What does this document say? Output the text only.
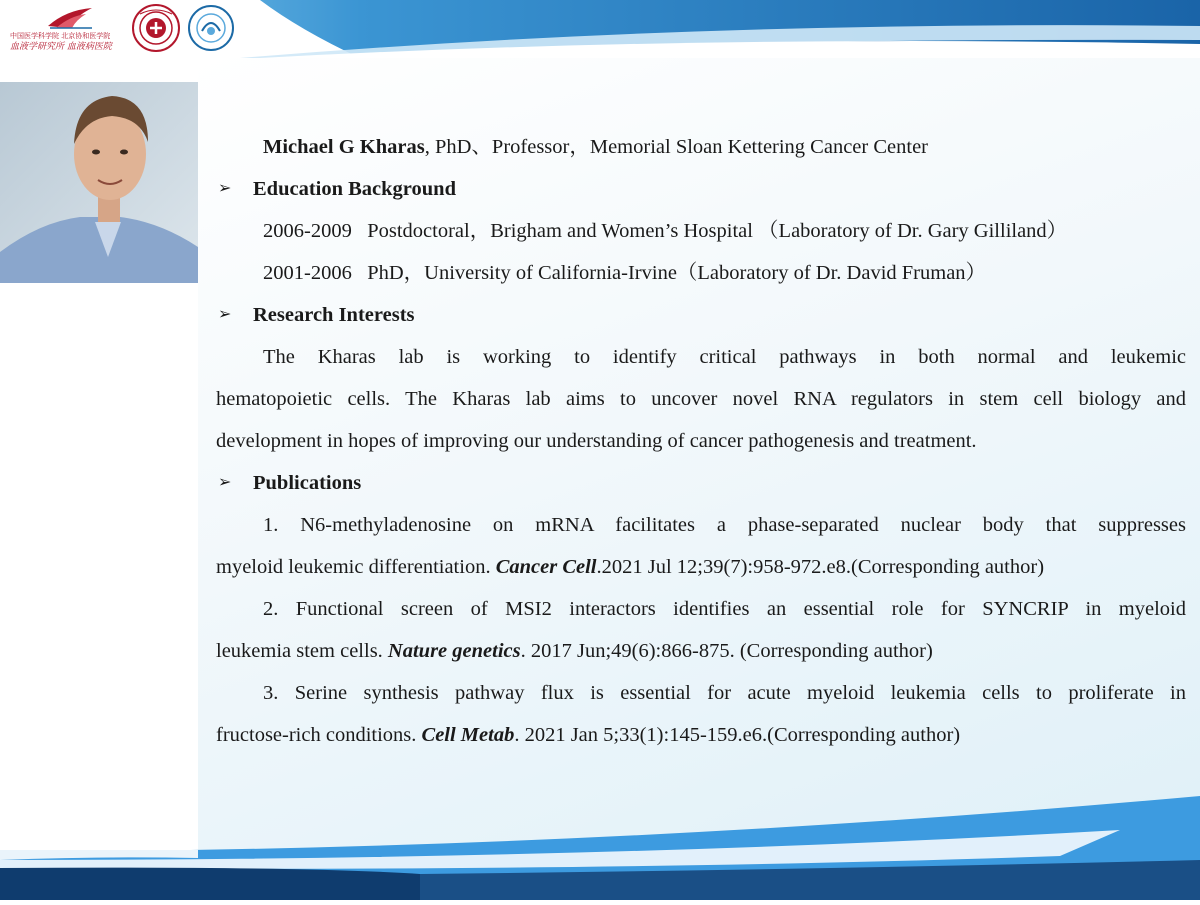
中国医学科学院 北京协和医学院
血液学研究所 血液病医院
Michael G Kharas, PhD、Professor，Memorial Sloan Kettering Cancer Center
➢ Education Background
2006-2009   Postdoctoral，Brigham and Women’s Hospital （Laboratory of Dr. Gary Gilliland）
2001-2006   PhD，University of California-Irvine（Laboratory of Dr. David Fruman）
➢ Research Interests
The Kharas lab is working to identify critical pathways in both normal and leukemic
hematopoietic cells. The Kharas lab aims to uncover novel RNA regulators in stem cell biology and
development in hopes of improving our understanding of cancer pathogenesis and treatment.
➢ Publications
1. N6-methyladenosine on mRNA facilitates a phase-separated nuclear body that suppresses
myeloid leukemic differentiation. Cancer Cell.2021 Jul 12;39(7):958-972.e8.(Corresponding author)
2. Functional screen of MSI2 interactors identifies an essential role for SYNCRIP in myeloid
leukemia stem cells. Nature genetics. 2017 Jun;49(6):866-875. (Corresponding author)
3. Serine synthesis pathway flux is essential for acute myeloid leukemia cells to proliferate in
fructose-rich conditions. Cell Metab. 2021 Jan 5;33(1):145-159.e6.(Corresponding author)
